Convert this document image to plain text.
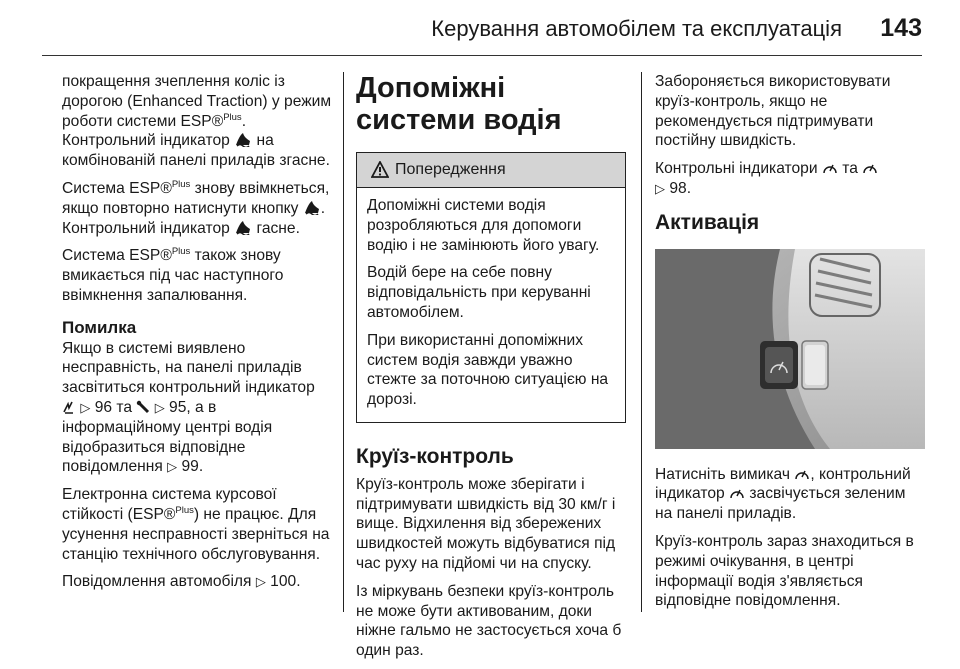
Керування автомобілем та експлуатація 143

покращення зчеплення коліс із дорогою (Enhanced Traction) у режим роботи системи ESP®$^{Plus}$. Контрольний індикатор на комбінованій панелі приладів згасне.

Система ESP®$^{Plus}$ знову ввімкнеться, якщо повторно натиснути кнопку . Контрольний індикатор гасне.

Система ESP®$^{Plus}$ також знову вмикається під час наступного ввімкнення запалювання.

Помилка

Якщо в системі виявлено несправність, на панелі приладів засвітиться контрольний індикатор
▷ 96 та ▷ 95, а в інформаційному центрі водія відобразиться відповідне повідомлення ▷ 99.

Електронна система курсової стійкості (ESP®$^{Plus}$) не працює. Для усунення несправності зверніться на станцію технічного обслуговування.

Повідомлення автомобіля ▷ 100.

Допоміжні системи водія
Попередження

Допоміжні системи водія розробляються для допомоги водію і не замінюють його увагу.

Водій бере на себе повну відповідальність при керуванні автомобілем.

При використанні допоміжних систем водія завжди уважно стежте за поточною ситуацією на дорозі.

Круїз-контроль

Круїз-контроль може зберігати і підтримувати швидкість від 30 км/г і вище. Відхилення від збережених швидкостей можуть відбуватися під час руху на підйомі чи на спуску.

Із міркувань безпеки круїз-контроль не може бути активованим, доки ніжне гальмо не застосується хоча б один раз.

Забороняється використовувати круїз-контроль, якщо не рекомендується підтримувати постійну швидкість.

Контрольні індикатори та
▷ 98.

Активація

Натисніть вимикач , контрольний індикатор засвічується зеленим на панелі приладів.

Круїз-контроль зараз знаходиться в режимі очікування, в центрі інформації водія з'являється відповідне повідомлення.
